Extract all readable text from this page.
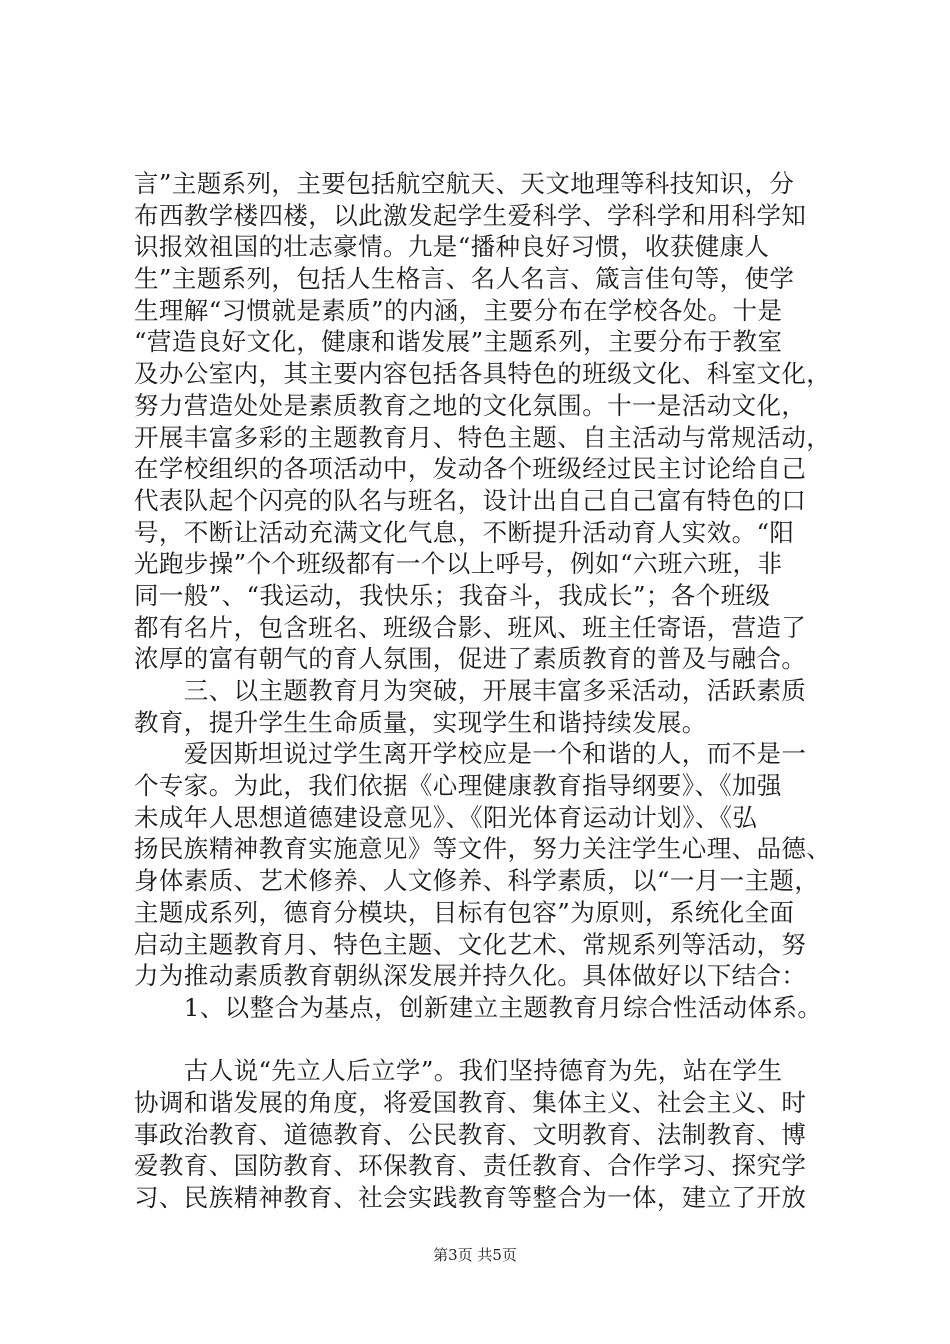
言”主题系列，主要包括航空航天、天文地理等科技知识，分
布西教学楼四楼，以此激发起学生爱科学、学科学和用科学知
识报效祖国的壮志豪情。九是“播种良好习惯，收获健康人
生”主题系列，包括人生格言、名人名言、箴言佳句等，使学
生理解“习惯就是素质”的内涵，主要分布在学校各处。十是
“营造良好文化，健康和谐发展”主题系列，主要分布于教室
及办公室内，其主要内容包括各具特色的班级文化、科室文化，
努力营造处处是素质教育之地的文化氛围。十一是活动文化，
开展丰富多彩的主题教育月、特色主题、自主活动与常规活动，
在学校组织的各项活动中，发动各个班级经过民主讨论给自己
代表队起个闪亮的队名与班名，设计出自己自己富有特色的口
号，不断让活动充满文化气息，不断提升活动育人实效。“阳
光跑步操”个个班级都有一个以上呼号，例如“六班六班，非
同一般”、“我运动，我快乐；我奋斗，我成长”；各个班级
都有名片，包含班名、班级合影、班风、班主任寄语，营造了
浓厚的富有朝气的育人氛围，促进了素质教育的普及与融合。
　　三、以主题教育月为突破，开展丰富多采活动，活跃素质
教育，提升学生生命质量，实现学生和谐持续发展。
　　爱因斯坦说过学生离开学校应是一个和谐的人，而不是一
个专家。为此，我们依据《心理健康教育指导纲要》、《加强
未成年人思想道德建设意见》、《阳光体育运动计划》、《弘
扬民族精神教育实施意见》等文件，努力关注学生心理、品德、
身体素质、艺术修养、人文修养、科学素质，以“一月一主题，
主题成系列，德育分模块，目标有包容”为原则，系统化全面
启动主题教育月、特色主题、文化艺术、常规系列等活动，努
力为推动素质教育朝纵深发展并持久化。具体做好以下结合：
　　1、以整合为基点，创新建立主题教育月综合性活动体系。
　　古人说“先立人后立学”。我们坚持德育为先，站在学生
协调和谐发展的角度，将爱国教育、集体主义、社会主义、时
事政治教育、道德教育、公民教育、文明教育、法制教育、博
爱教育、国防教育、环保教育、责任教育、合作学习、探究学
习、民族精神教育、社会实践教育等整合为一体，建立了开放
第3页 共5页
